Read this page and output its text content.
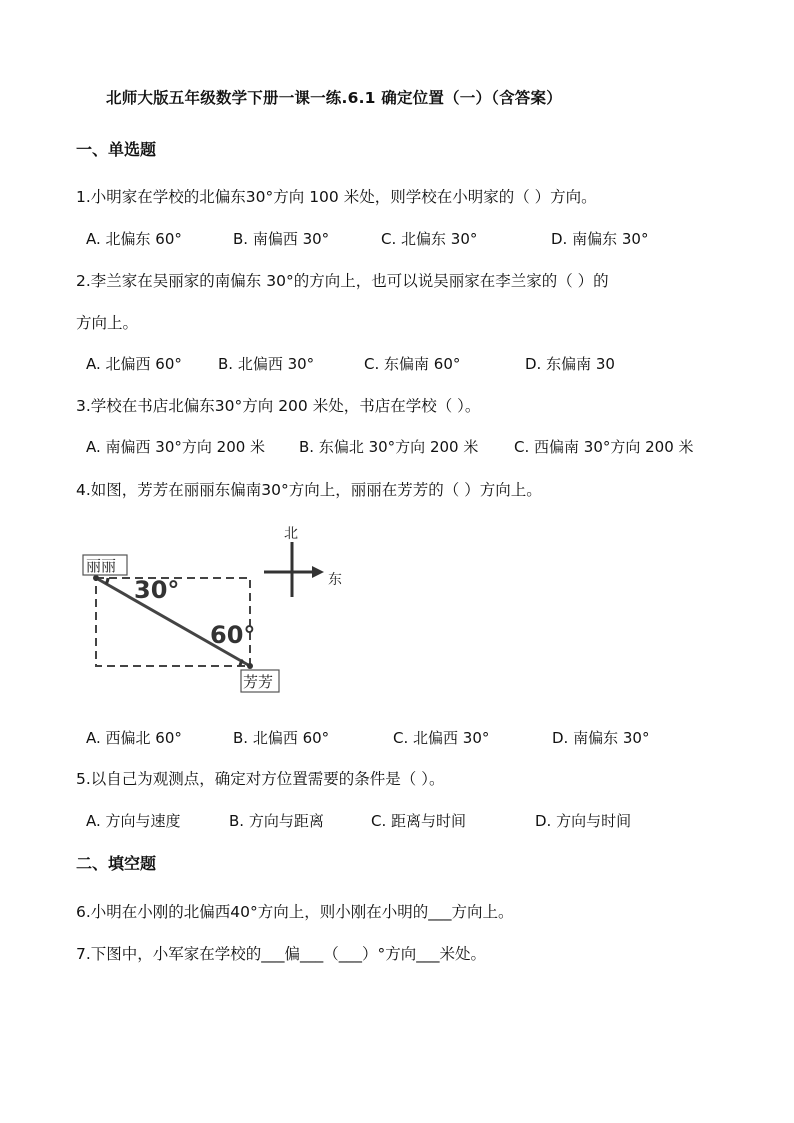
北师大版五年级数学下册一课一练.6.1 确定位置（一）（含答案）
一、单选题
1.小明家在学校的北偏东30°方向 100 米处，则学校在小明家的（ ）方向。
A. 北偏东 60°	B. 南偏西 30°	C. 北偏东 30°	D. 南偏东 30°
2.李兰家在吴丽家的南偏东 30°的方向上，也可以说吴丽家在李兰家的（ ）的
方向上。
A. 北偏西 60° B. 北偏西 30°	C. 东偏南 60°	D. 东偏南 30
3.学校在书店北偏东30°方向 200 米处，书店在学校（ ）。
A. 南偏西 30°方向 200 米 B. 东偏北 30°方向 200 米 C. 西偏南 30°方向 200 米
4.如图，芳芳在丽丽东偏南30°方向上，丽丽在芳芳的（ ）方向上。
30°
60°
丽丽
芳芳
北
东
A. 西偏北 60°	B. 北偏西 60°	C. 北偏西 30°	D. 南偏东 30°
5.以自己为观测点，确定对方位置需要的条件是（ ）。
A. 方向与速度	B. 方向与距离	C. 距离与时间	D. 方向与时间
二、填空题
6.小明在小刚的北偏西40°方向上，则小刚在小明的___方向上。
7.下图中，小军家在学校的___偏___（___）°方向___米处。
